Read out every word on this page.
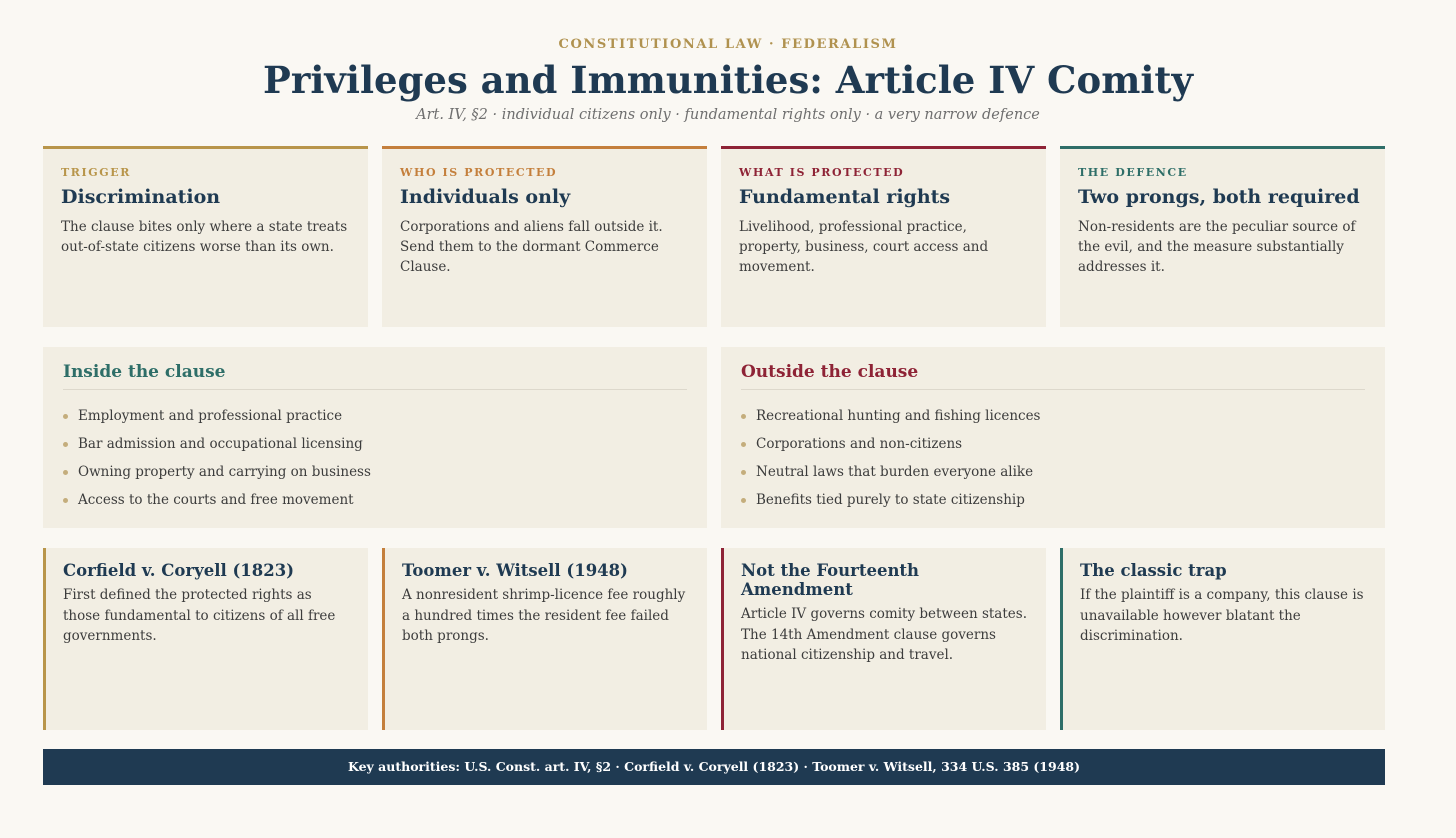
CONSTITUTIONAL LAW · FEDERALISM
Privileges and Immunities: Article IV Comity
Art. IV, §2 · individual citizens only · fundamental rights only · a very narrow defence
TRIGGER
Discrimination
The clause bites only where a state treats out-of-state citizens worse than its own.
WHO IS PROTECTED
Individuals only
Corporations and aliens fall outside it. Send them to the dormant Commerce Clause.
WHAT IS PROTECTED
Fundamental rights
Livelihood, professional practice, property, business, court access and movement.
THE DEFENCE
Two prongs, both required
Non-residents are the peculiar source of the evil, and the measure substantially addresses it.
Inside the clause
Employment and professional practice
Bar admission and occupational licensing
Owning property and carrying on business
Access to the courts and free movement
Outside the clause
Recreational hunting and fishing licences
Corporations and non-citizens
Neutral laws that burden everyone alike
Benefits tied purely to state citizenship
Corfield v. Coryell (1823)
First defined the protected rights as those fundamental to citizens of all free governments.
Toomer v. Witsell (1948)
A nonresident shrimp-licence fee roughly a hundred times the resident fee failed both prongs.
Not the Fourteenth Amendment
Article IV governs comity between states. The 14th Amendment clause governs national citizenship and travel.
The classic trap
If the plaintiff is a company, this clause is unavailable however blatant the discrimination.
Key authorities: U.S. Const. art. IV, §2 · Corfield v. Coryell (1823) · Toomer v. Witsell, 334 U.S. 385 (1948)
